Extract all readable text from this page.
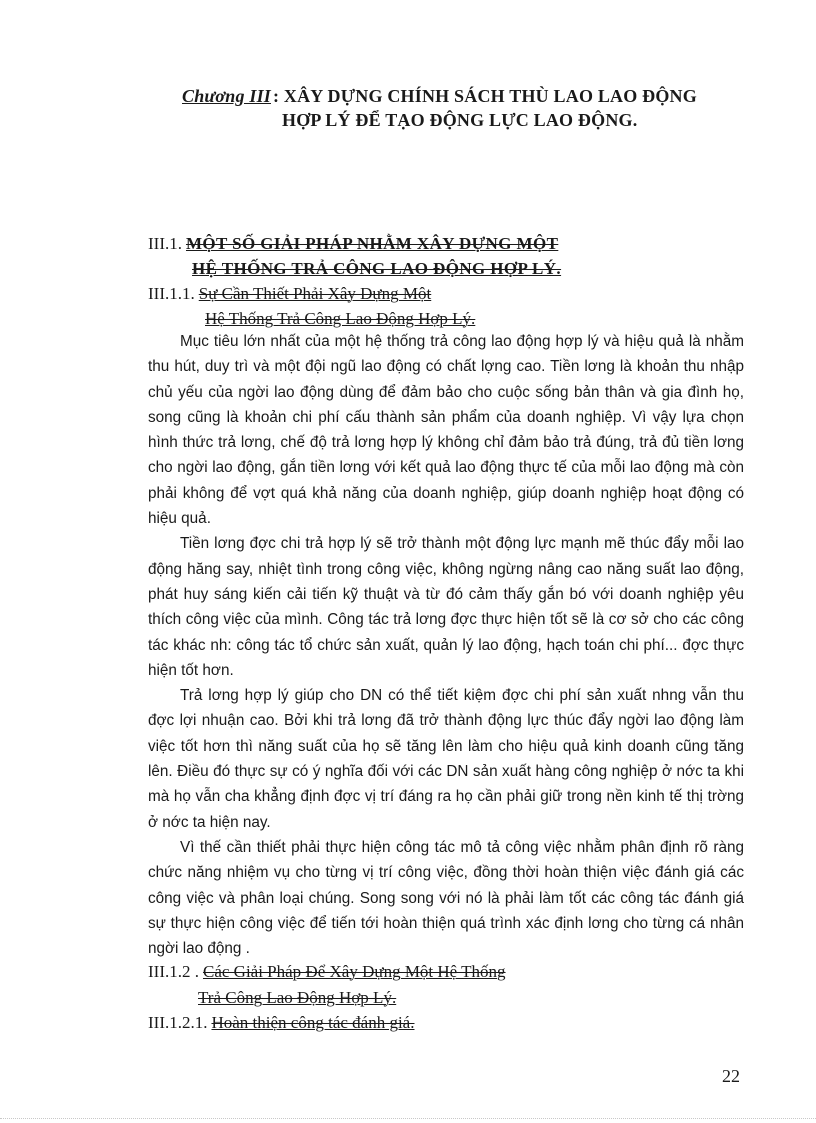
Chương III : XÂY DỰNG CHÍNH SÁCH THÙ LAO LAO ĐỘNG
HỢP LÝ ĐỂ TẠO ĐỘNG LỰC LAO ĐỘNG.
III.1. MỘT SỐ GIẢI PHÁP NHẰM XÂY DỰNG MỘT
HỆ THỐNG TRẢ CÔNG LAO ĐỘNG HỢP LÝ.
III.1.1. Sự Cần Thiết Phải Xây Dựng Một
Hệ Thống Trả Công Lao Động Hợp Lý.

Mục tiêu lớn nhất của một hệ thống trả công lao động hợp lý và hiệu quả là nhằm thu hút, duy trì và một đội ngũ lao động có chất lợng cao. Tiền lơng là khoản thu nhập chủ yếu của ngời lao động dùng để đảm bảo cho cuộc sống bản thân và gia đình họ, song cũng là khoản chi phí cấu thành sản phẩm của doanh nghiệp. Vì vậy lựa chọn hình thức trả lơng, chế độ trả lơng hợp lý không chỉ đảm bảo trả đúng, trả đủ tiền lơng cho ngời lao động, gắn tiền lơng với kết quả lao động thực tế của mỗi lao động mà còn phải không để vợt quá khả năng của doanh nghiệp, giúp doanh nghiệp hoạt động có hiệu quả.

Tiền lơng đợc chi trả hợp lý sẽ trở thành một động lực mạnh mẽ thúc đẩy mỗi lao động hăng say, nhiệt tình trong công việc, không ngừng nâng cao năng suất lao động, phát huy sáng kiến cải tiến kỹ thuật và từ đó cảm thấy gắn bó với doanh nghiệp yêu thích công việc của mình. Công tác trả lơng đợc thực hiện tốt sẽ là cơ sở cho các công tác khác nh: công tác tổ chức sản xuất, quản lý lao động, hạch toán chi phí... đợc thực hiện tốt hơn.

Trả lơng hợp lý giúp cho DN có thể tiết kiệm đợc chi phí sản xuất nhng vẫn thu đợc lợi nhuận cao. Bởi khi trả lơng đã trở thành động lực thúc đẩy ngời lao động làm việc tốt hơn thì năng suất của họ sẽ tăng lên làm cho hiệu quả kinh doanh cũng tăng lên. Điều đó thực sự có ý nghĩa đối với các DN sản xuất hàng công nghiệp ở nớc ta khi mà họ vẫn cha khẳng định đợc vị trí đáng ra họ cần phải giữ trong nền kinh tế thị trờng ở nớc ta hiện nay.

Vì thế cần thiết phải thực hiện công tác mô tả công việc nhằm phân định rõ ràng chức năng nhiệm vụ cho từng vị trí công việc, đồng thời hoàn thiện việc đánh giá các công việc và phân loại chúng. Song song với nó là phải làm tốt các công tác đánh giá sự thực hiện công việc để tiến tới hoàn thiện quá trình xác định lơng cho từng cá nhân ngời lao động .

III.1.2 . Các Giải Pháp Để Xây Dựng Một Hệ Thống
Trả Công Lao Động Hợp Lý.
III.1.2.1. Hoàn thiện công tác đánh giá.
22
